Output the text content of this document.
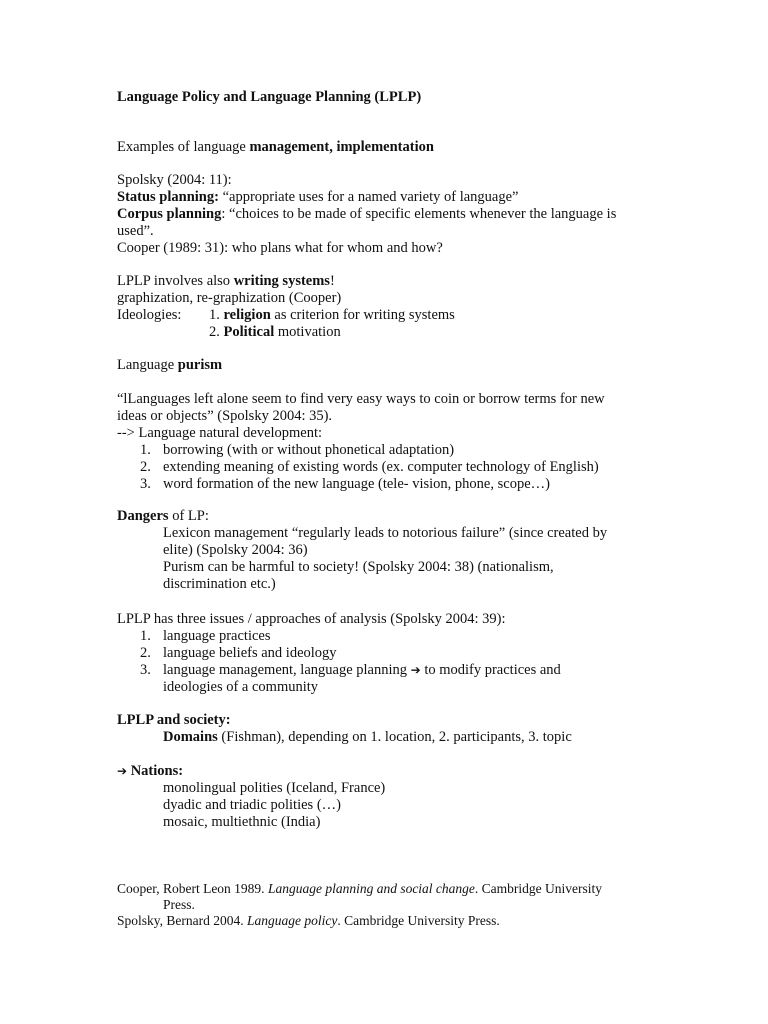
Language Policy and Language Planning (LPLP)
Examples of language management, implementation
Spolsky (2004: 11):
Status planning: “appropriate uses for a named variety of language”
Corpus planning: “choices to be made of specific elements whenever the language is
used”.
Cooper (1989: 31): who plans what for whom and how?
LPLP involves also writing systems!
graphization, re-graphization (Cooper)
Ideologies: 1. religion as criterion for writing systems
2. Political motivation
Language purism
“lLanguages left alone seem to find very easy ways to coin or borrow terms for new
ideas or objects” (Spolsky 2004: 35).
--> Language natural development:
1. borrowing (with or without phonetical adaptation)
2. extending meaning of existing words (ex. computer technology of English)
3. word formation of the new language (tele- vision, phone, scope…)
Dangers of LP:
Lexicon management “regularly leads to notorious failure” (since created by
elite) (Spolsky 2004: 36)
Purism can be harmful to society! (Spolsky 2004: 38) (nationalism,
discrimination etc.)
LPLP has three issues / approaches of analysis (Spolsky 2004: 39):
1. language practices
2. language beliefs and ideology
3. language management, language planning ➔ to modify practices and
ideologies of a community
LPLP and society:
Domains (Fishman), depending on 1. location, 2. participants, 3. topic
➔ Nations:
monolingual polities (Iceland, France)
dyadic and triadic polities (…)
mosaic, multiethnic (India)
Cooper, Robert Leon 1989. Language planning and social change. Cambridge University
Press.
Spolsky, Bernard 2004. Language policy. Cambridge University Press.
